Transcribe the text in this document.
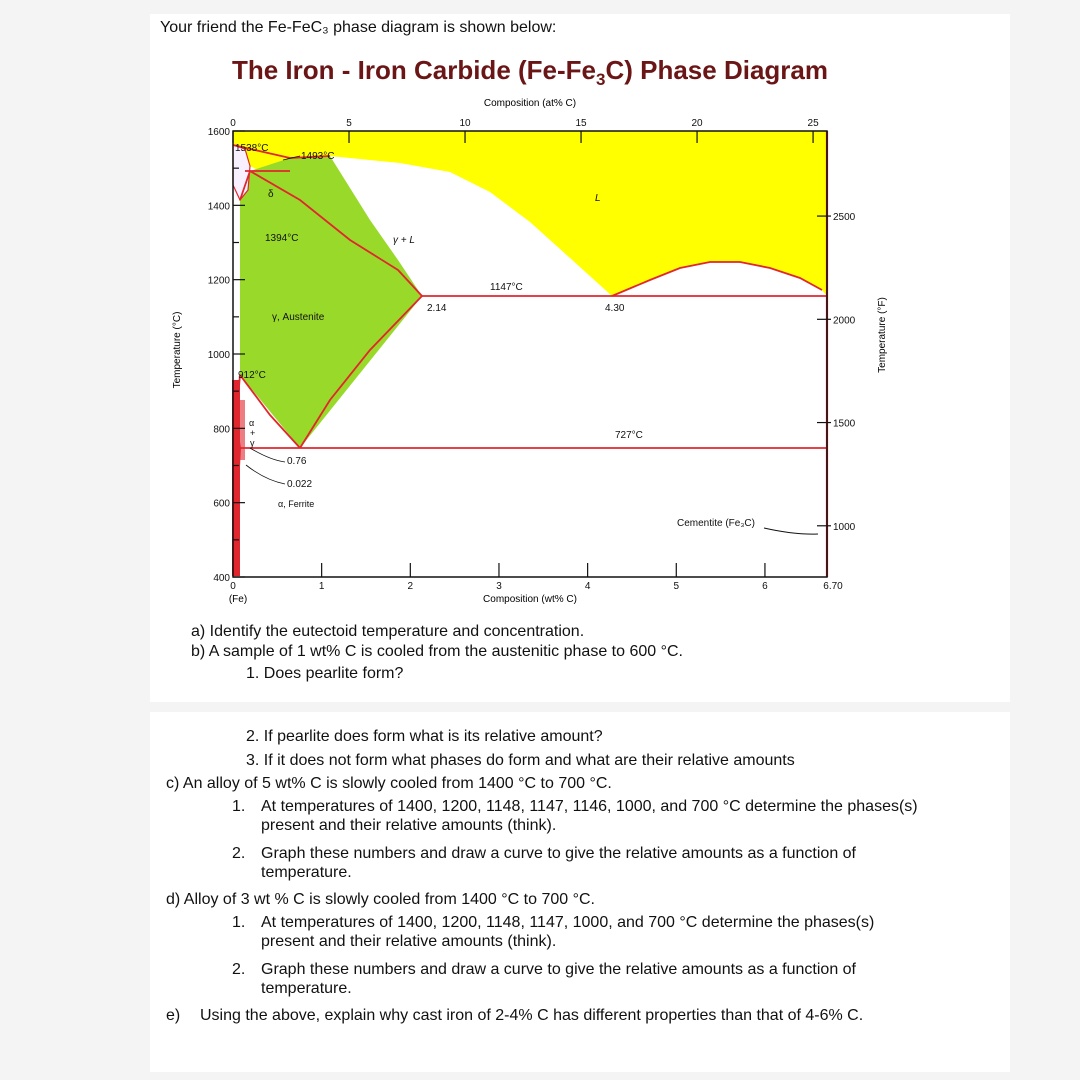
Your friend the Fe-FeC₃ phase diagram is shown below:
The Iron - Iron Carbide $(Fe-Fe_3C)$ Phase Diagram
0	5	10	15	20	25
0	1	2	3	4	5	6	6.70
1600
1400
1200
1000
800
600
400
2500
2000
1500
1000
Composition (at% C)
Composition (wt% C)
(Fe)
Temperature (°C)	Temperature (°F)
1538°C
1493°C
L
γ + L
1394°C
δ
1147°C
2.14	4.30
γ, Austenite
912°C
727°C
α
+
γ
0.76
0.022
α, Ferrite
Cementite (Fe₃C)
a) Identify the eutectoid temperature and concentration.
b) A sample of 1 wt% C is cooled from the austenitic phase to 600 °C.
1. Does pearlite form?
2. If pearlite does form what is its relative amount?
3. If it does not form what phases do form and what are their relative amounts
c) An alloy of 5 wt% C is slowly cooled from 1400 °C to 700 °C.
1. At temperatures of 1400, 1200, 1148, 1147, 1146, 1000, and 700 °C determine the phases(s) present and their relative amounts (think).
2. Graph these numbers and draw a curve to give the relative amounts as a function of temperature.
d) Alloy of 3 wt % C is slowly cooled from 1400 °C to 700 °C.
1. At temperatures of 1400, 1200, 1148, 1147, 1000, and 700 °C determine the phases(s) present and their relative amounts (think).
2. Graph these numbers and draw a curve to give the relative amounts as a function of temperature.
e) Using the above, explain why cast iron of 2-4% C has different properties than that of 4-6% C.
